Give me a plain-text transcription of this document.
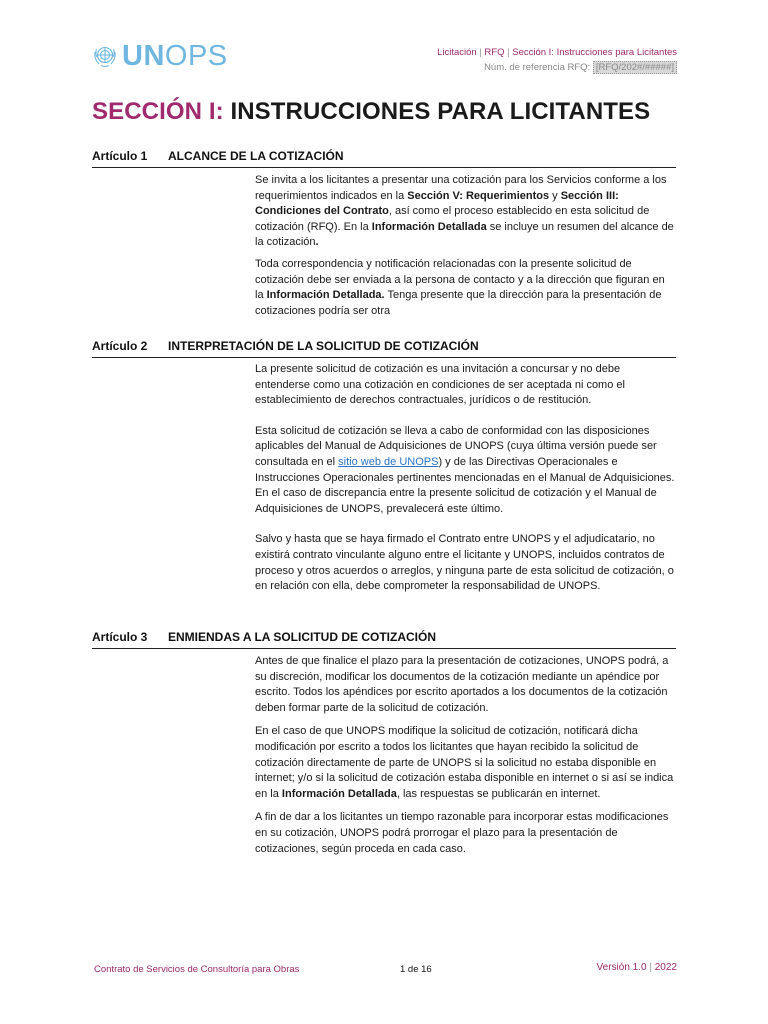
UNOPS	Licitación | RFQ | Sección I: Instrucciones para Licitantes
Núm. de referencia RFQ: [RFQ/202#/#####]
SECCIÓN I: INSTRUCCIONES PARA LICITANTES
Artículo 1 ALCANCE DE LA COTIZACIÓN

Se invita a los licitantes a presentar una cotización para los Servicios conforme a los requerimientos indicados en la Sección V: Requerimientos y Sección III: Condiciones del Contrato, así como el proceso establecido en esta solicitud de cotización (RFQ). En la Información Detallada se incluye un resumen del alcance de la cotización.

Toda correspondencia y notificación relacionadas con la presente solicitud de cotización debe ser enviada a la persona de contacto y a la dirección que figuran en la Información Detallada. Tenga presente que la dirección para la presentación de cotizaciones podría ser otra

Artículo 2 INTERPRETACIÓN DE LA SOLICITUD DE COTIZACIÓN

La presente solicitud de cotización es una invitación a concursar y no debe entenderse como una cotización en condiciones de ser aceptada ni como el establecimiento de derechos contractuales, jurídicos o de restitución.

Esta solicitud de cotización se lleva a cabo de conformidad con las disposiciones aplicables del Manual de Adquisiciones de UNOPS (cuya última versión puede ser consultada en el sitio web de UNOPS) y de las Directivas Operacionales e Instrucciones Operacionales pertinentes mencionadas en el Manual de Adquisiciones. En el caso de discrepancia entre la presente solicitud de cotización y el Manual de Adquisiciones de UNOPS, prevalecerá este último.

Salvo y hasta que se haya firmado el Contrato entre UNOPS y el adjudicatario, no existirá contrato vinculante alguno entre el licitante y UNOPS, incluidos contratos de proceso y otros acuerdos o arreglos, y ninguna parte de esta solicitud de cotización, o en relación con ella, debe comprometer la responsabilidad de UNOPS.

Artículo 3 ENMIENDAS A LA SOLICITUD DE COTIZACIÓN

Antes de que finalice el plazo para la presentación de cotizaciones, UNOPS podrá, a su discreción, modificar los documentos de la cotización mediante un apéndice por escrito. Todos los apéndices por escrito aportados a los documentos de la cotización deben formar parte de la solicitud de cotización.

En el caso de que UNOPS modifique la solicitud de cotización, notificará dicha modificación por escrito a todos los licitantes que hayan recibido la solicitud de cotización directamente de parte de UNOPS si la solicitud no estaba disponible en internet; y/o si la solicitud de cotización estaba disponible en internet o si así se indica en la Información Detallada, las respuestas se publicarán en internet.

A fin de dar a los licitantes un tiempo razonable para incorporar estas modificaciones en su cotización, UNOPS podrá prorrogar el plazo para la presentación de cotizaciones, según proceda en cada caso.

Contrato de Servicios de Consultoría para Obras	1 de 16	Versión 1.0 | 2022
